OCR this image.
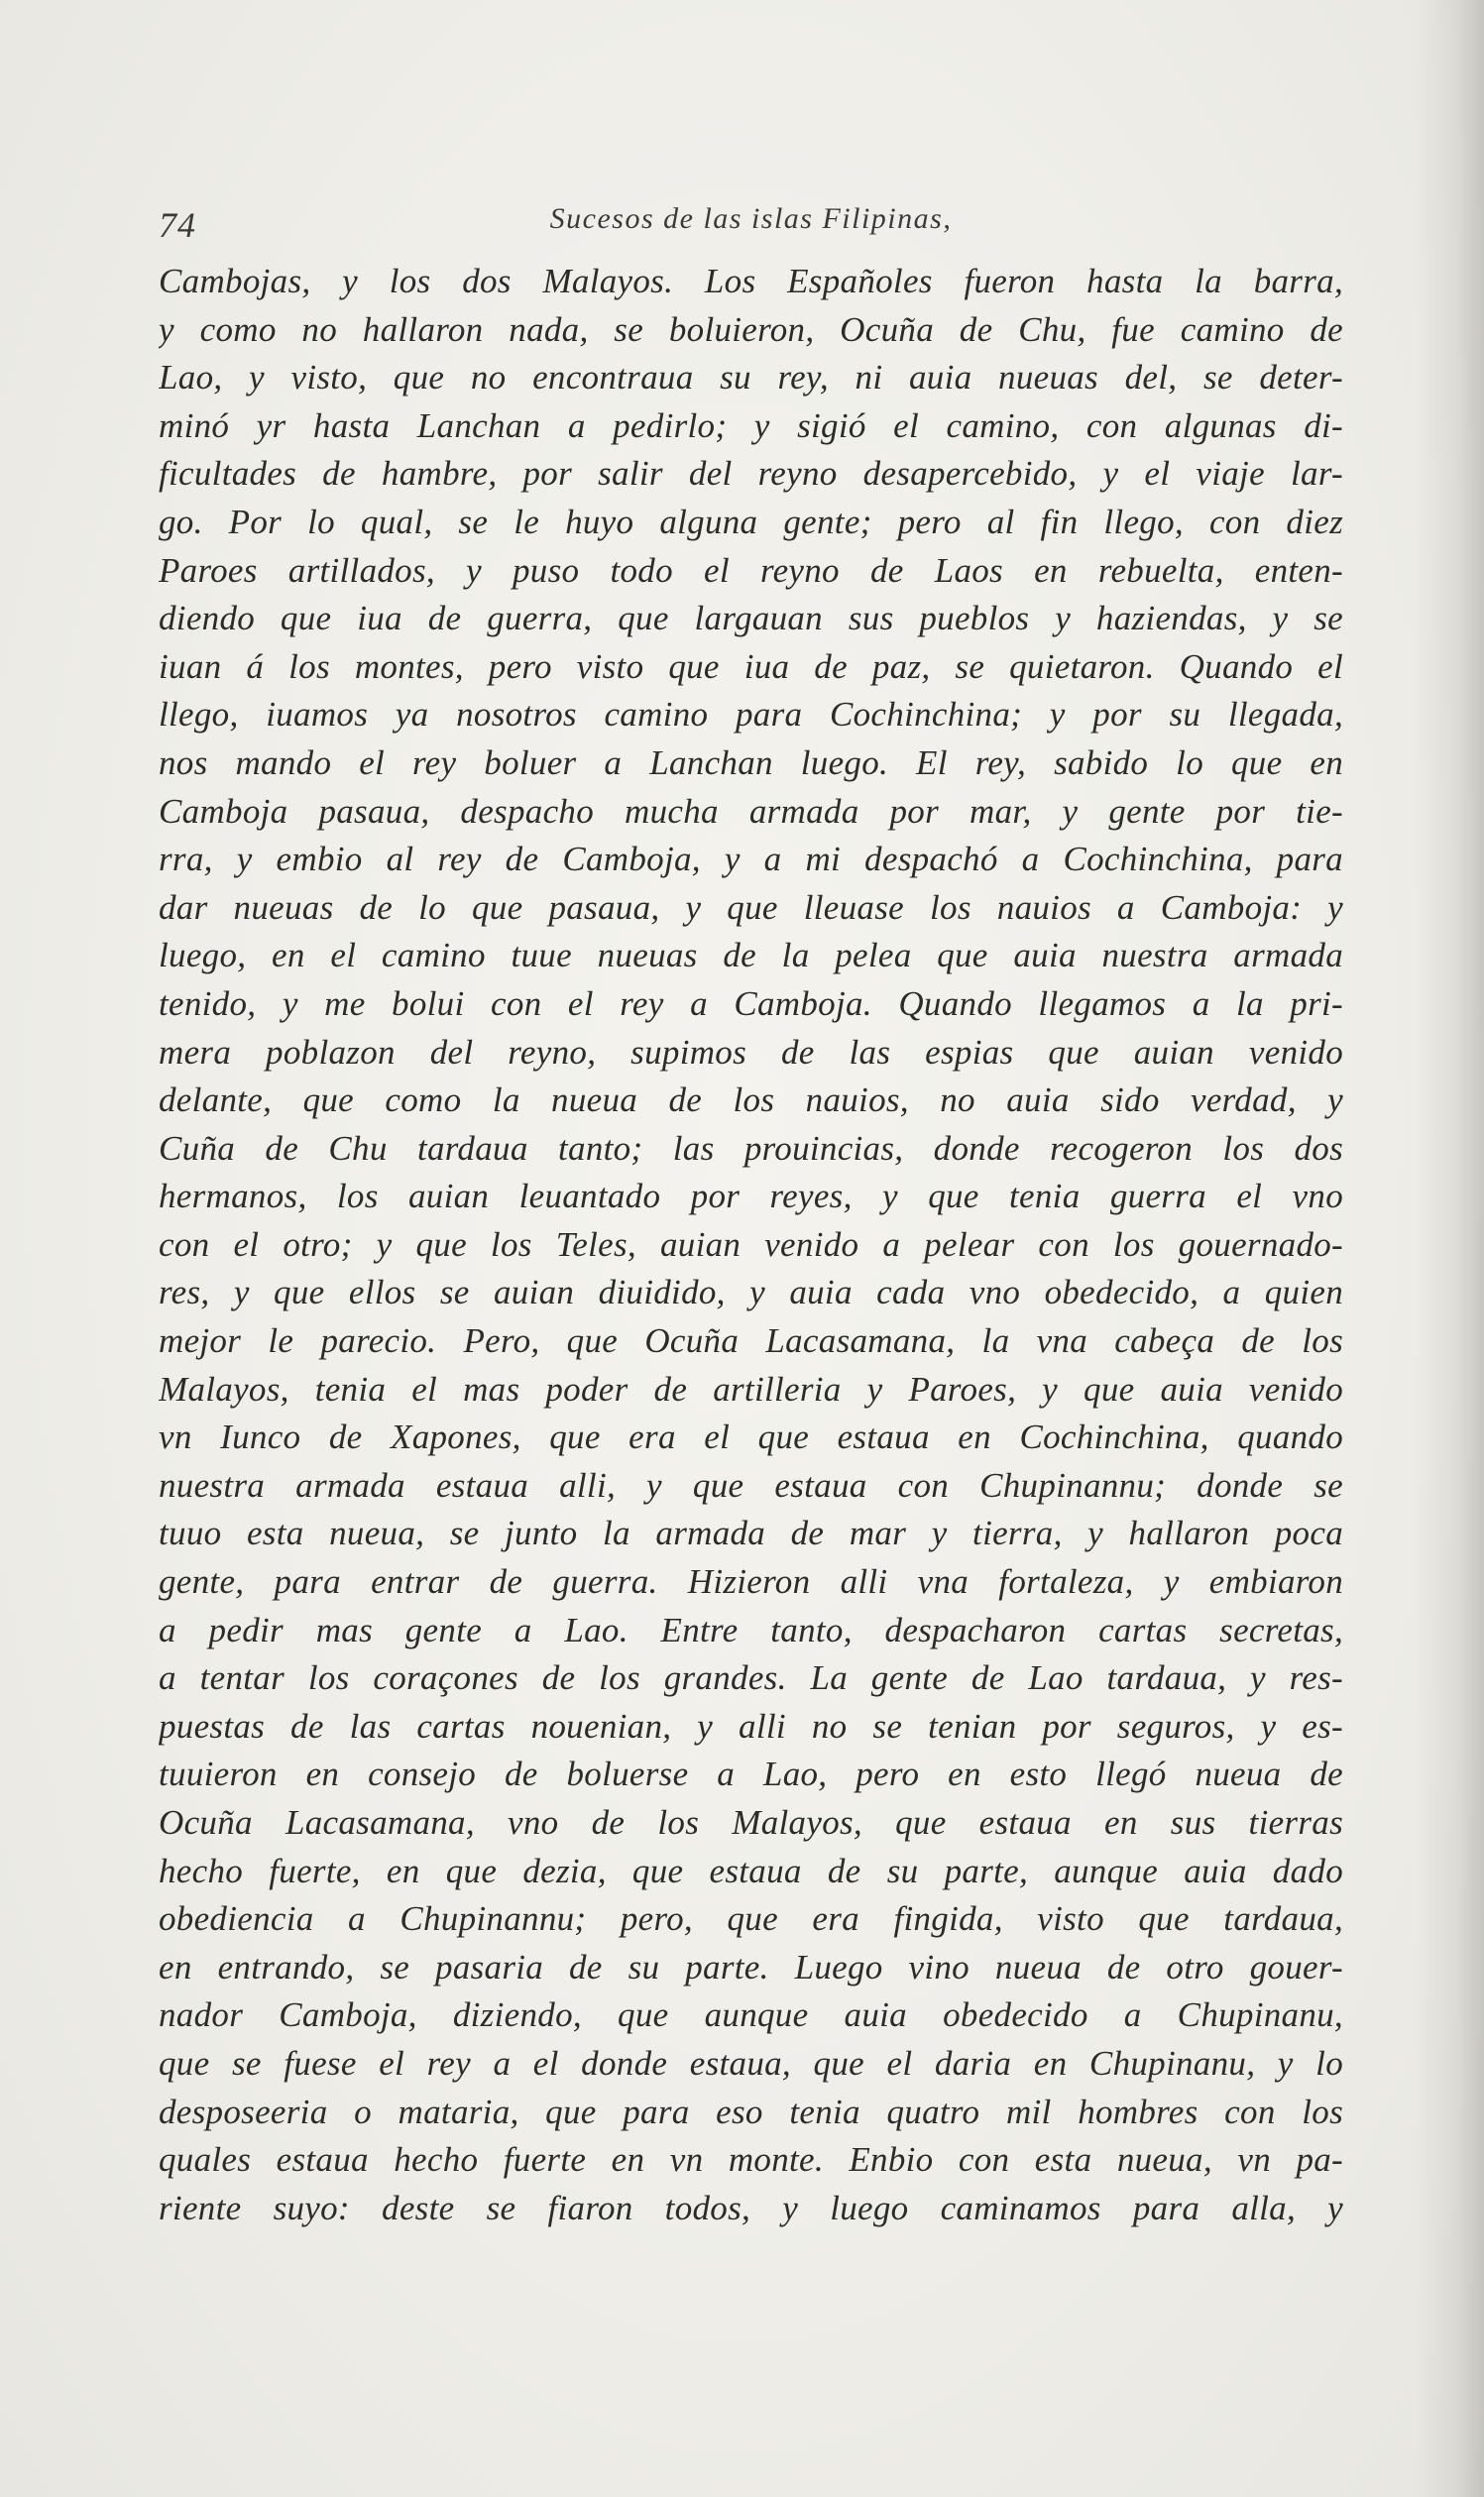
74	Sucesos de las islas Filipinas,
Cambojas, y los dos Malayos. Los Españoles fueron hasta la barra,
y como no hallaron nada, se boluieron, Ocuña de Chu, fue camino de
Lao, y visto, que no encontraua su rey, ni auia nueuas del, se deter-
minó yr hasta Lanchan a pedirlo; y sigió el camino, con algunas di-
ficultades de hambre, por salir del reyno desapercebido, y el viaje lar-
go. Por lo qual, se le huyo alguna gente; pero al fin llego, con diez
Paroes artillados, y puso todo el reyno de Laos en rebuelta, enten-
diendo que iua de guerra, que largauan sus pueblos y haziendas, y se
iuan á los montes, pero visto que iua de paz, se quietaron. Quando el
llego, iuamos ya nosotros camino para Cochinchina; y por su llegada,
nos mando el rey boluer a Lanchan luego. El rey, sabido lo que en
Camboja pasaua, despacho mucha armada por mar, y gente por tie-
rra, y embio al rey de Camboja, y a mi despachó a Cochinchina, para
dar nueuas de lo que pasaua, y que lleuase los nauios a Camboja: y
luego, en el camino tuue nueuas de la pelea que auia nuestra armada
tenido, y me bolui con el rey a Camboja. Quando llegamos a la pri-
mera poblazon del reyno, supimos de las espias que auian venido
delante, que como la nueua de los nauios, no auia sido verdad, y
Cuña de Chu tardaua tanto; las prouincias, donde recogeron los dos
hermanos, los auian leuantado por reyes, y que tenia guerra el vno
con el otro; y que los Teles, auian venido a pelear con los gouernado-
res, y que ellos se auian diuidido, y auia cada vno obedecido, a quien
mejor le parecio. Pero, que Ocuña Lacasamana, la vna cabeça de los
Malayos, tenia el mas poder de artilleria y Paroes, y que auia venido
vn Iunco de Xapones, que era el que estaua en Cochinchina, quando
nuestra armada estaua alli, y que estaua con Chupinannu; donde se
tuuo esta nueua, se junto la armada de mar y tierra, y hallaron poca
gente, para entrar de guerra. Hizieron alli vna fortaleza, y embiaron
a pedir mas gente a Lao. Entre tanto, despacharon cartas secretas,
a tentar los coraçones de los grandes. La gente de Lao tardaua, y res-
puestas de las cartas nouenian, y alli no se tenian por seguros, y es-
tuuieron en consejo de boluerse a Lao, pero en esto llegó nueua de
Ocuña Lacasamana, vno de los Malayos, que estaua en sus tierras
hecho fuerte, en que dezia, que estaua de su parte, aunque auia dado
obediencia a Chupinannu; pero, que era fingida, visto que tardaua,
en entrando, se pasaria de su parte. Luego vino nueua de otro gouer-
nador Camboja, diziendo, que aunque auia obedecido a Chupinanu,
que se fuese el rey a el donde estaua, que el daria en Chupinanu, y lo
desposeeria o mataria, que para eso tenia quatro mil hombres con los
quales estaua hecho fuerte en vn monte. Enbio con esta nueua, vn pa-
riente suyo: deste se fiaron todos, y luego caminamos para alla, y
